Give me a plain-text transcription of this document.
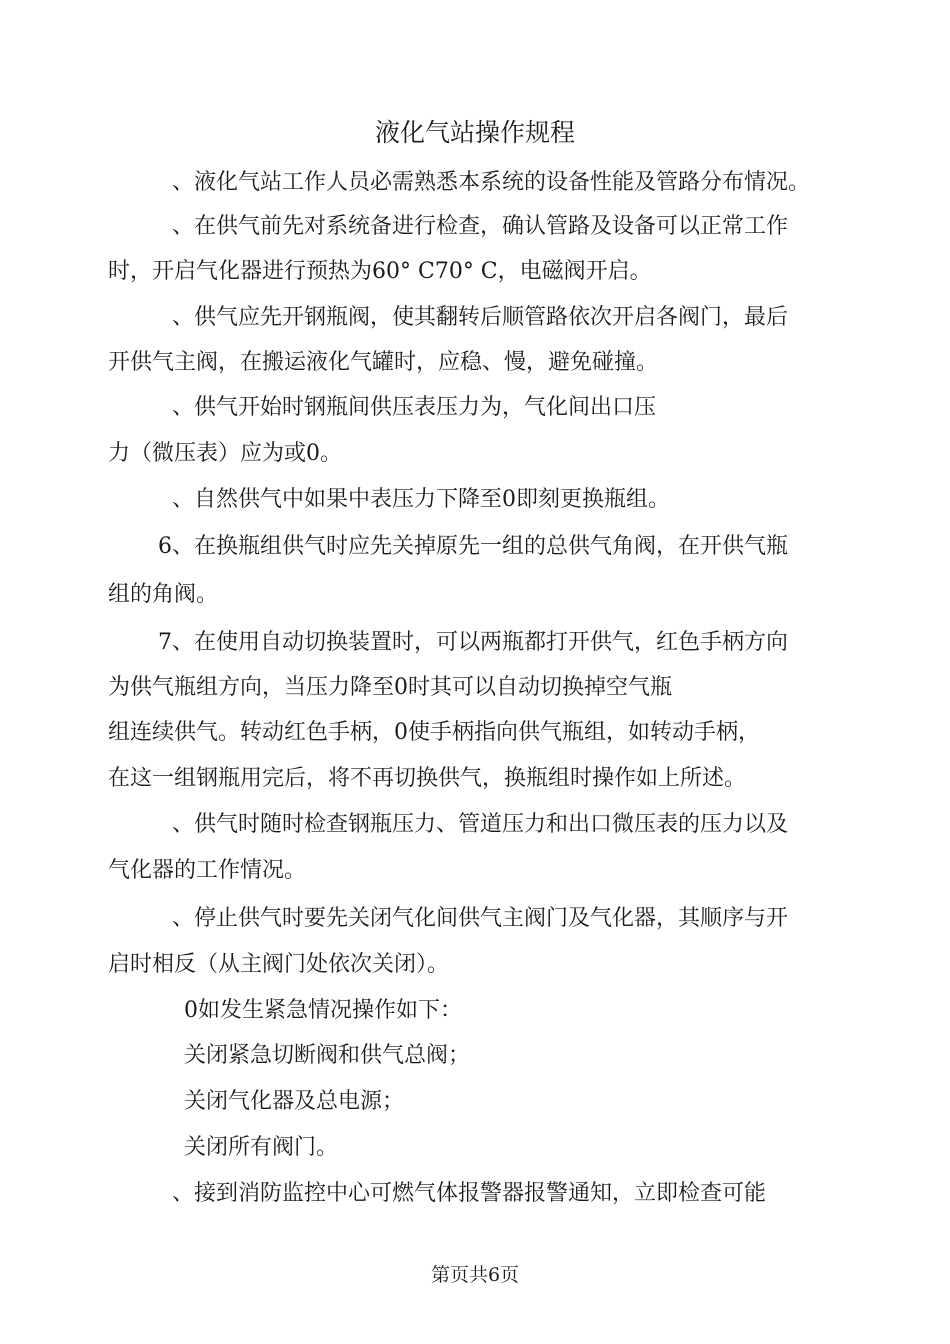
液化气站操作规程
、液化气站工作人员必需熟悉本系统的设备性能及管路分布情况。
、在供气前先对系统备进行检查，确认管路及设备可以正常工作
时，开启气化器进行预热为60° C70° C，电磁阀开启。
、供气应先开钢瓶阀，使其翻转后顺管路依次开启各阀门，最后
开供气主阀，在搬运液化气罐时，应稳、慢，避免碰撞。
、供气开始时钢瓶间供压表压力为，气化间出口压
力（微压表）应为或0。
、自然供气中如果中表压力下降至0即刻更换瓶组。
6、在换瓶组供气时应先关掉原先一组的总供气角阀，在开供气瓶
组的角阀。
7、在使用自动切换装置时，可以两瓶都打开供气，红色手柄方向
为供气瓶组方向，当压力降至0时其可以自动切换掉空气瓶
组连续供气。转动红色手柄，0使手柄指向供气瓶组，如转动手柄，
在这一组钢瓶用完后，将不再切换供气，换瓶组时操作如上所述。
、供气时随时检查钢瓶压力、管道压力和出口微压表的压力以及
气化器的工作情况。
、停止供气时要先关闭气化间供气主阀门及气化器，其顺序与开
启时相反（从主阀门处依次关闭）。
0如发生紧急情况操作如下：
关闭紧急切断阀和供气总阀；
关闭气化器及总电源；
关闭所有阀门。
、接到消防监控中心可燃气体报警器报警通知，立即检查可能
第页共6页
